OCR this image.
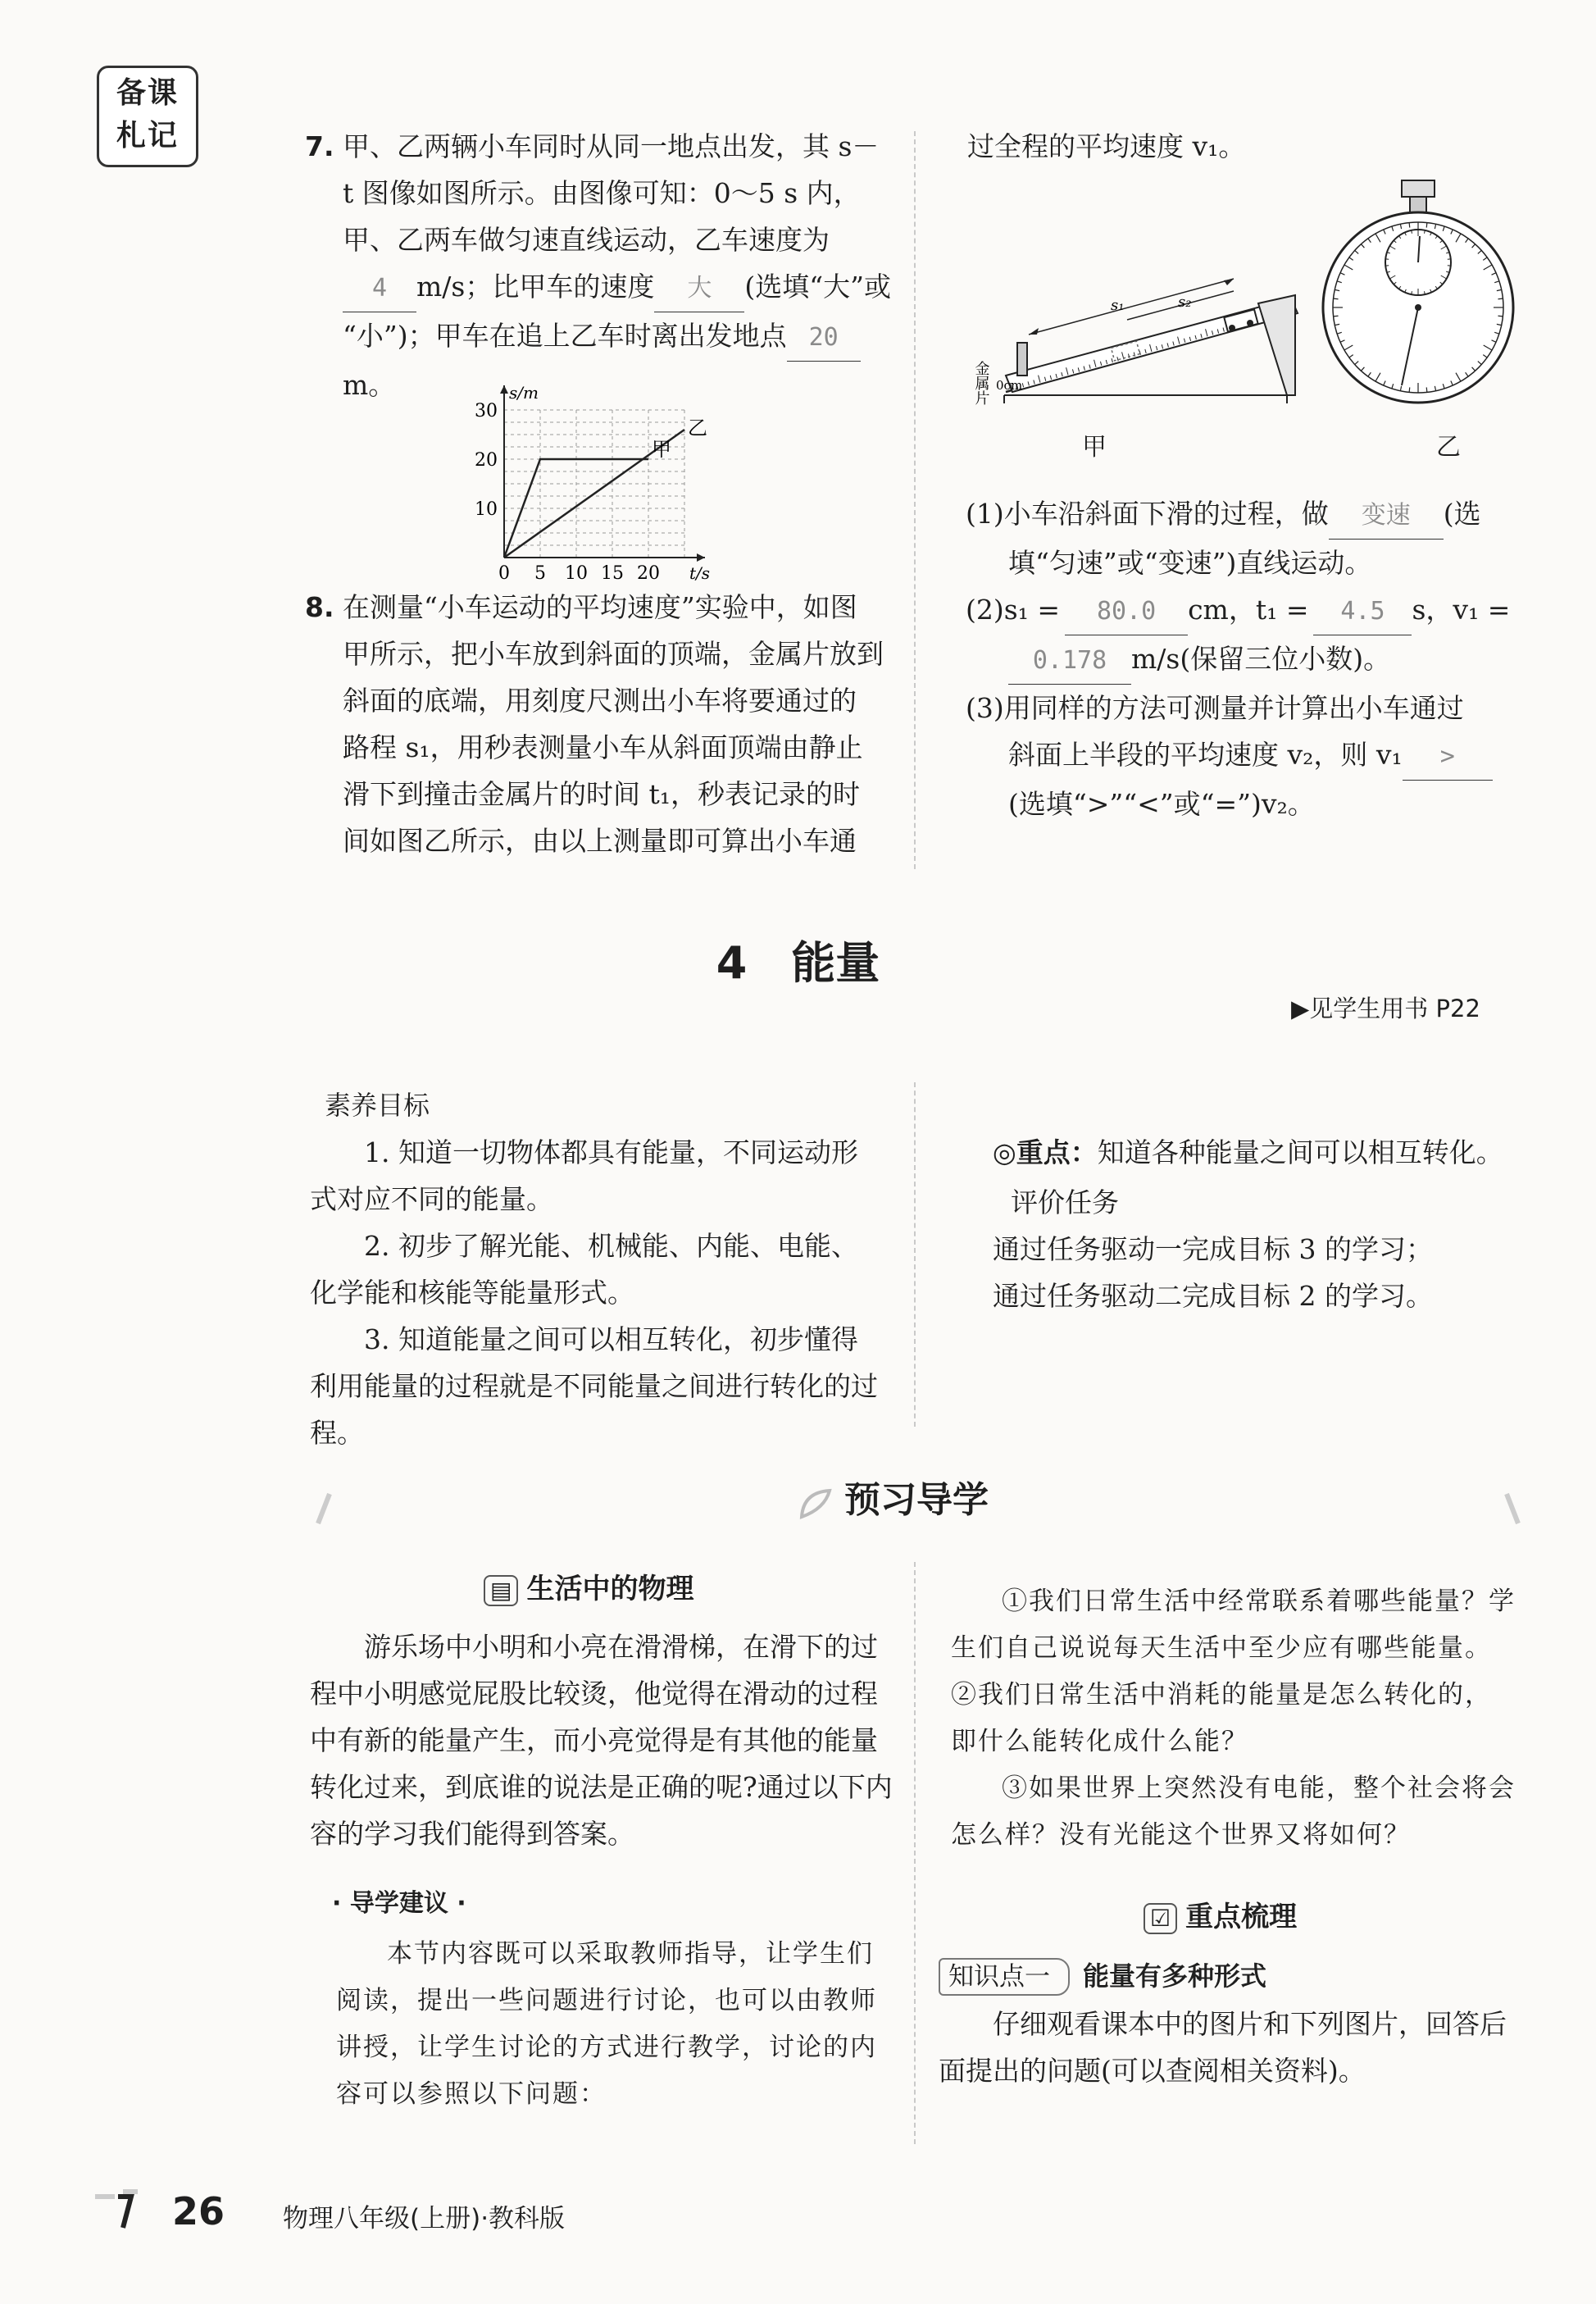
备课
札记	7. 甲、乙两辆小车同时从同一地点出发，其 s－
t 图像如图所示。由图像可知：0～5 s 内，
甲、乙两车做匀速直线运动，乙车速度为
4 m/s；比甲车的速度 大 (选填“大”或
“小”)；甲车在追上乙车时离出发地点 20m。
0 5 10 15 20
10
20
30
s/m
t/s
甲
乙
8. 在测量“小车运动的平均速度”实验中，如图
甲所示，把小车放到斜面的顶端，金属片放到
斜面的底端，用刻度尺测出小车将要通过的
路程 s₁，用秒表测量小车从斜面顶端由静止
滑下到撞击金属片的时间 t₁，秒表记录的时
间如图乙所示，由以上测量即可算出小车通
过全程的平均速度 v₁。
s₁	s₂
金属片 0cm
甲	乙
(1)小车沿斜面下滑的过程，做 变速 (选
填“匀速”或“变速”)直线运动。
(2)s₁ = 80.0 cm，t₁ = 4.5 s，v₁ =
0.178 m/s(保留三位小数)。
(3)用同样的方法可测量并计算出小车通过
斜面上半段的平均速度 v₂，则 v₁ >
(选填“>”“<”或“=”)v₂。
4　能量
▶见学生用书 P22
素养目标
1. 知道一切物体都具有能量，不同运动形式对应不同的能量。
2. 初步了解光能、机械能、内能、电能、化学能和核能等能量形式。
3. 知道能量之间可以相互转化，初步懂得利用能量的过程就是不同能量之间进行转化的过程。
◎重点：知道各种能量之间可以相互转化。
评价任务
通过任务驱动一完成目标 3 的学习；
通过任务驱动二完成目标 2 的学习。
预习导学
▤ 生活中的物理
游乐场中小明和小亮在滑滑梯，在滑下的过程中小明感觉屁股比较烫，他觉得在滑动的过程中有新的能量产生，而小亮觉得是有其他的能量转化过来，到底谁的说法是正确的呢?通过以下内容的学习我们能得到答案。
· 导学建议 ·
本节内容既可以采取教师指导，让学生们阅读，提出一些问题进行讨论，也可以由教师讲授，让学生讨论的方式进行教学，讨论的内容可以参照以下问题：
①我们日常生活中经常联系着哪些能量？学生们自己说说每天生活中至少应有哪些能量。②我们日常生活中消耗的能量是怎么转化的，即什么能转化成什么能？
③如果世界上突然没有电能，整个社会将会怎么样？没有光能这个世界又将如何？
☑ 重点梳理
知识点一 能量有多种形式
仔细观看课本中的图片和下列图片，回答后面提出的问题(可以查阅相关资料)。
26 物理八年级(上册)·教科版
